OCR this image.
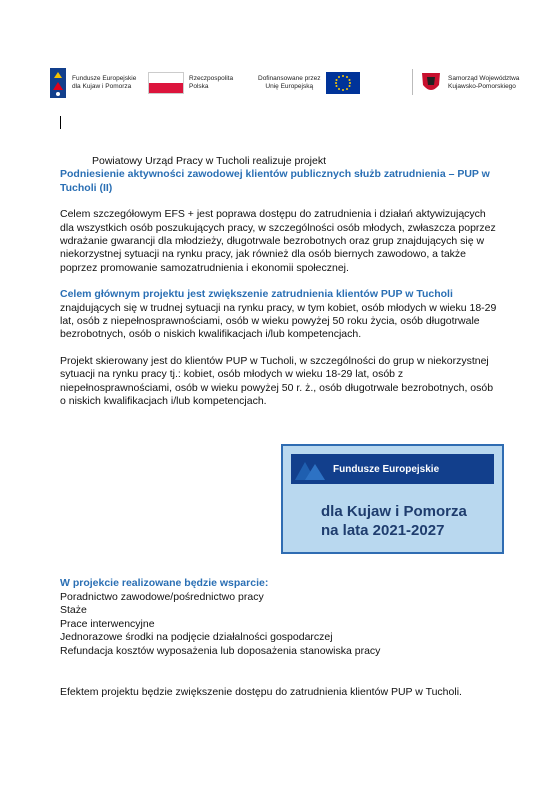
Fundusze Europejskie
dla Kujaw i Pomorza
Rzeczpospolita
Polska
Dofinansowane przez
Unię Europejską
Samorząd Województwa
Kujawsko-Pomorskiego

Powiatowy Urząd Pracy w Tucholi realizuje projekt

Podniesienie aktywności zawodowej klientów publicznych służb zatrudnienia – PUP w Tucholi (II)

Celem szczegółowym EFS + jest poprawa dostępu do zatrudnienia i działań aktywizujących dla wszystkich osób poszukujących pracy, w szczególności osób młodych, zwłaszcza poprzez wdrażanie gwarancji dla młodzieży, długotrwale bezrobotnych oraz grup znajdujących się w niekorzystnej sytuacji na rynku pracy, jak również dla osób biernych zawodowo, a także poprzez promowanie samozatrudnienia i ekonomii społecznej.

Celem głównym projektu jest zwiększenie zatrudnienia klientów PUP w Tucholi znajdujących się w trudnej sytuacji na rynku pracy, w tym kobiet, osób młodych w wieku 18-29 lat, osób z niepełnosprawnościami, osób w wieku powyżej 50 roku życia, osób długotrwale bezrobotnych, osób o niskich kwalifikacjach i/lub kompetencjach.

Projekt skierowany jest do klientów PUP w Tucholi, w szczególności do grup w niekorzystnej sytuacji na rynku pracy tj.: kobiet, osób młodych w wieku 18-29 lat, osób z niepełnosprawnościami, osób w wieku powyżej 50 r. ż., osób długotrwale bezrobotnych, osób o niskich kwalifikacjach i/lub kompetencjach.

Fundusze Europejskie
dla Kujaw i Pomorza
na lata 2021-2027

W projekcie realizowane będzie wsparcie:

Poradnictwo zawodowe/pośrednictwo pracy

Staże

Prace interwencyjne

Jednorazowe środki na podjęcie działalności gospodarczej

Refundacja kosztów wyposażenia lub doposażenia stanowiska pracy

Efektem projektu będzie zwiększenie dostępu do zatrudnienia klientów PUP w Tucholi.
